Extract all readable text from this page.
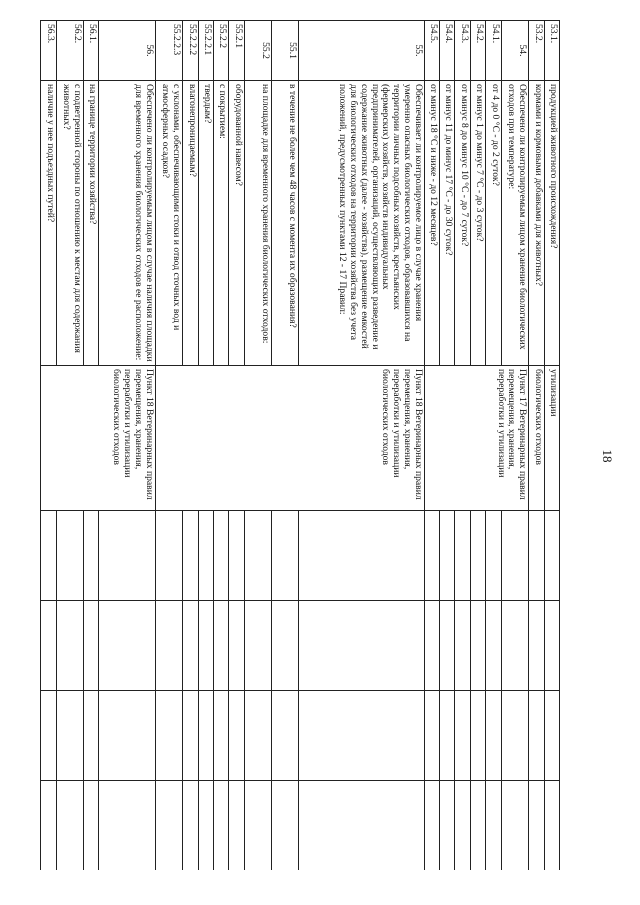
18
53.1.	продукцией животного происхождения?	утилизации				
53.2.	кормами и кормовыми добавками для животных?	биологических отходов				
54.	Обеспечено ли контролируемым лицом хранение биологических отходов при температуре:	Пункт 17 Ветеринарных правил перемещения, хранения, переработки и утилизации				
54.1.	от 4 до 0 °С - до 2 суток?					
54.2.	от минус 1 до минус 7 °С - до 3 суток?					
54.3.	от минус 8 до минус 10 °С - до 7 суток?					
54.4.	от минус 11 до минус 17 °С - до 30 суток?					
54.5.	от минус 18 °С и ниже - до 12 месяцев?					
55.	Обеспечивает ли контролируемое лицо в случае хранения умеренно опасных биологических отходов, образовавшихся на территории личных подсобных хозяйств, крестьянских (фермерских) хозяйств, хозяйств индивидуальных предпринимателей, организаций, осуществляющих разведение и содержание животных (далее - хозяйства), размещение емкостей для биологических отходов на территории хозяйства без учета положений, предусмотренных пунктами 12 - 17 Правил:	Пункт 18 Ветеринарных правил перемещения, хранения, переработки и утилизации биологических отходов				
55.1	в течение не более чем 48 часов с момента их образования?					
55.2	на площадке для временного хранения биологических отходов:					
55.2.1	оборудованной навесом?					
55.2.2	с покрытием:					
55.2.2.1	твердым?					
55.2.2.2	влагонепроницаемым?					
55.2.2.3	с уклонами, обеспечивающими стоки и отвод сточных вод и атмосферных осадков?					
56.	Обеспечено ли контролируемым лицом в случае наличия площадки для временного хранения биологических отходов ее расположение:	Пункт 18 Ветеринарных правил перемещения, хранения, переработки и утилизации биологических отходов				
56.1.	на границе территории хозяйства?					
56.2.	с подветренной стороны по отношению к местам для содержания животных?					
56.3.	наличие у нее подъездных путей?					
